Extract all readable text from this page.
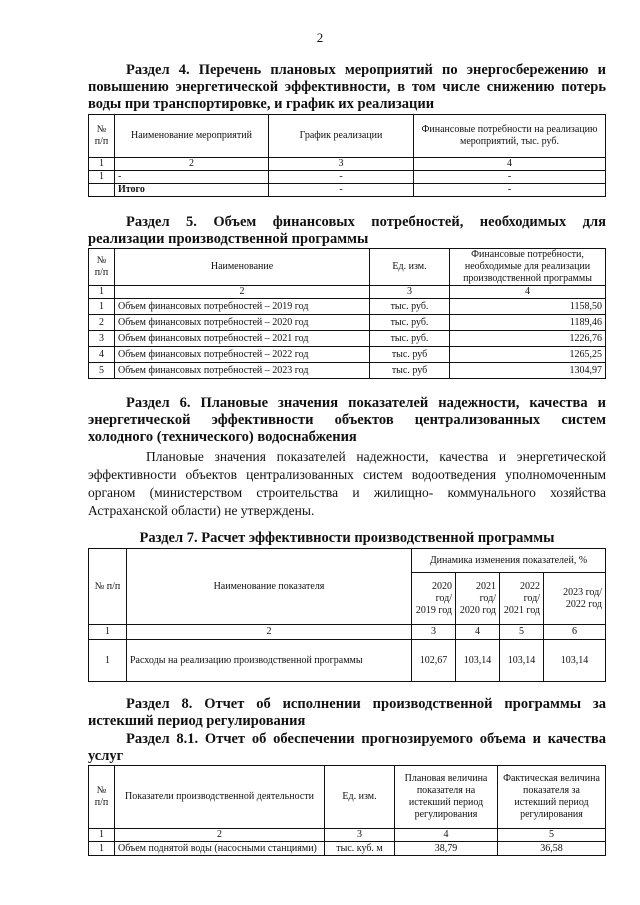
2
Раздел 4. Перечень плановых мероприятий по энергосбережению и
повышению энергетической эффективности, в том числе снижению потерь
воды при транспортировке, и график их реализации
№ п/п	Наименование мероприятий	График реализации	Финансовые потребности на реализацию мероприятий, тыс. руб.
1	2	3	4
1	-	-	-
	Итого	-	-
Раздел 5. Объем финансовых потребностей, необходимых для
реализации производственной программы
№ п/п	Наименование	Ед. изм.	Финансовые потребности, необходимые для реализации производственной программы
1	2	3	4
1	Объем финансовых потребностей – 2019 год	тыс. руб.	1158,50
2	Объем финансовых потребностей – 2020 год	тыс. руб.	1189,46
3	Объем финансовых потребностей – 2021 год	тыс. руб.	1226,76
4	Объем финансовых потребностей – 2022 год	тыс. руб	1265,25
5	Объем финансовых потребностей – 2023 год	тыс. руб	1304,97
Раздел 6. Плановые значения показателей надежности, качества и
энергетической эффективности объектов централизованных систем
холодного (технического) водоснабжения
Плановые значения показателей надежности, качества и энергетической
эффективности объектов централизованных систем водоотведения уполномоченным органом (министерством строительства и жилищно- коммунального хозяйства Астраханской области) не утверждены.
Раздел 7. Расчет эффективности производственной программы
№ п/п	Наименование показателя	Динамика изменения показателей, %			
		2020 год/ 2019 год	2021 год/ 2020 год	2022 год/ 2021 год	2023 год/ 2022 год
1	2	3	4	5	6
1	Расходы на реализацию производственной программы	102,67	103,14	103,14	103,14
Раздел 8. Отчет об исполнении производственной программы за
истекший период регулирования
Раздел 8.1. Отчет об обеспечении прогнозируемого объема и качества
услуг
№ п/п	Показатели производственной деятельности	Ед. изм.	Плановая величина показателя на истекший период регулирования	Фактическая величина показателя за истекший период регулирования
1	2	3	4	5
1	Объем поднятой воды (насосными станциями)	тыс. куб. м	38,79	36,58
